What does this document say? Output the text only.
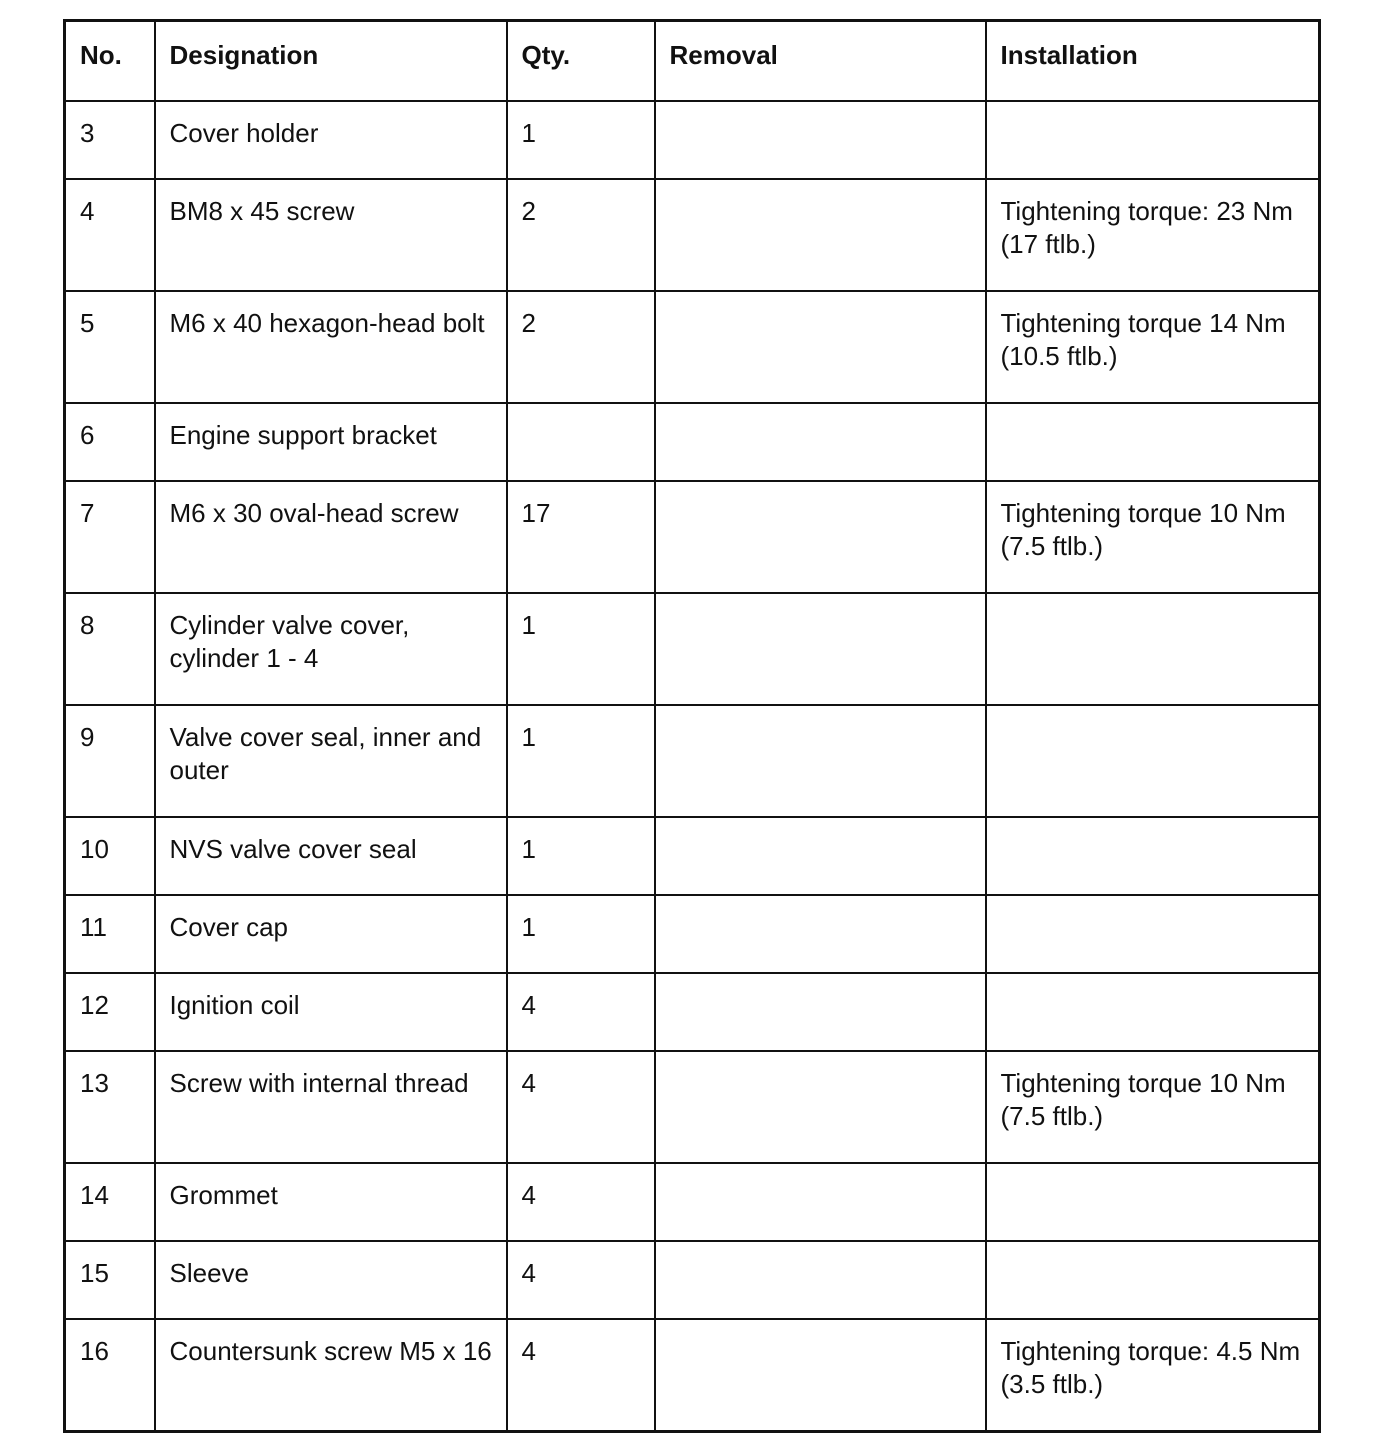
No.	Designation	Qty.	Removal	Installation
3	Cover holder	1		
4	BM8 x 45 screw	2		Tightening torque: 23 Nm (17 ftlb.)
5	M6 x 40 hexagon-head bolt	2		Tightening torque 14 Nm (10.5 ftlb.)
6	Engine support bracket			
7	M6 x 30 oval-head screw	17		Tightening torque 10 Nm (7.5 ftlb.)
8	Cylinder valve cover, cylinder 1 - 4	1		
9	Valve cover seal, inner and outer	1		
10	NVS valve cover seal	1		
11	Cover cap	1		
12	Ignition coil	4		
13	Screw with internal thread	4		Tightening torque 10 Nm (7.5 ftlb.)
14	Grommet	4		
15	Sleeve	4		
16	Countersunk screw M5 x 16	4		Tightening torque: 4.5 Nm (3.5 ftlb.)
